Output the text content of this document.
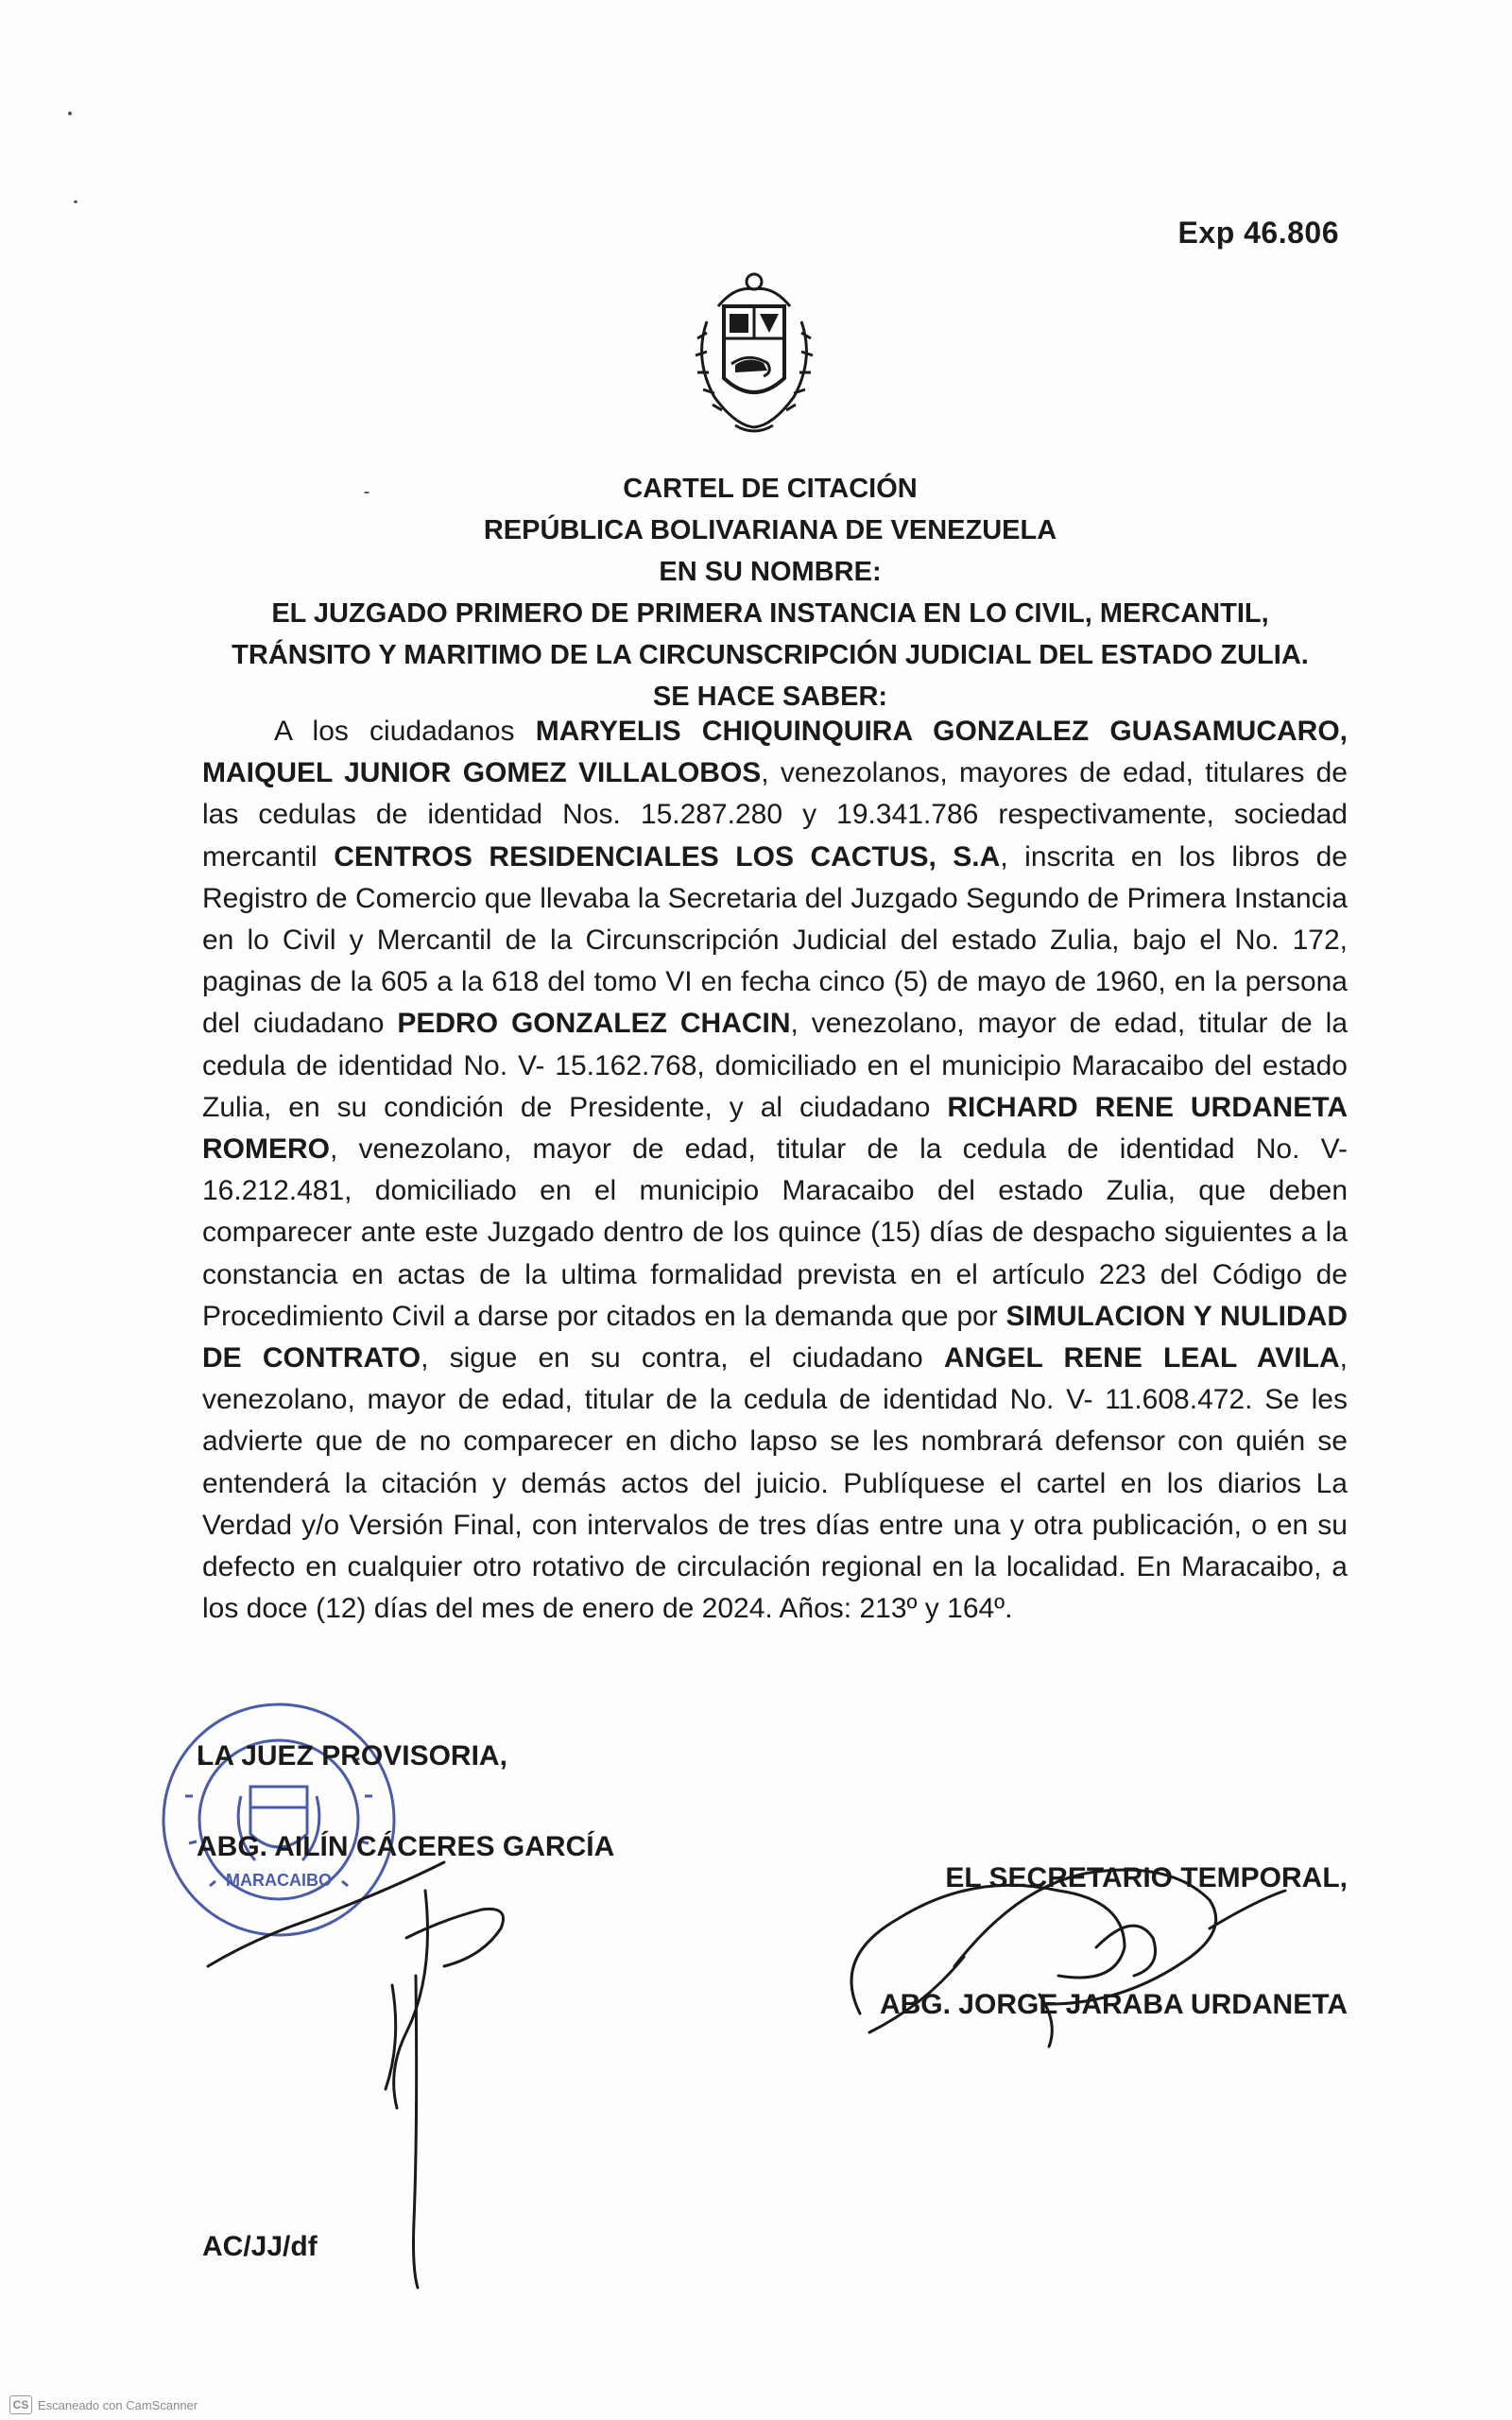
Exp 46.806
CARTEL DE CITACIÓN
REPÚBLICA BOLIVARIANA DE VENEZUELA
EN SU NOMBRE:
EL JUZGADO PRIMERO DE PRIMERA INSTANCIA EN LO CIVIL, MERCANTIL,
TRÁNSITO Y MARITIMO DE LA CIRCUNSCRIPCIÓN JUDICIAL DEL ESTADO ZULIA.
SE HACE SABER:
A los ciudadanos MARYELIS CHIQUINQUIRA GONZALEZ GUASAMUCARO, MAIQUEL JUNIOR GOMEZ VILLALOBOS, venezolanos, mayores de edad, titulares de las cedulas de identidad Nos. 15.287.280 y 19.341.786 respectivamente, sociedad mercantil CENTROS RESIDENCIALES LOS CACTUS, S.A, inscrita en los libros de Registro de Comercio que llevaba la Secretaria del Juzgado Segundo de Primera Instancia en lo Civil y Mercantil de la Circunscripción Judicial del estado Zulia, bajo el No. 172, paginas de la 605 a la 618 del tomo VI en fecha cinco (5) de mayo de 1960, en la persona del ciudadano PEDRO GONZALEZ CHACIN, venezolano, mayor de edad, titular de la cedula de identidad No. V- 15.162.768, domiciliado en el municipio Maracaibo del estado Zulia, en su condición de Presidente, y al ciudadano RICHARD RENE URDANETA ROMERO, venezolano, mayor de edad, titular de la cedula de identidad No. V- 16.212.481, domiciliado en el municipio Maracaibo del estado Zulia, que deben comparecer ante este Juzgado dentro de los quince (15) días de despacho siguientes a la constancia en actas de la ultima formalidad prevista en el artículo 223 del Código de Procedimiento Civil a darse por citados en la demanda que por SIMULACION Y NULIDAD DE CONTRATO, sigue en su contra, el ciudadano ANGEL RENE LEAL AVILA, venezolano, mayor de edad, titular de la cedula de identidad No. V- 11.608.472. Se les advierte que de no comparecer en dicho lapso se les nombrará defensor con quién se entenderá la citación y demás actos del juicio. Publíquese el cartel en los diarios La Verdad y/o Versión Final, con intervalos de tres días entre una y otra publicación, o en su defecto en cualquier otro rotativo de circulación regional en la localidad. En Maracaibo, a los doce (12) días del mes de enero de 2024. Años: 213º y 164º.
MARACAIBO
LA JUEZ PROVISORIA,
ABG. AILÍN CÁCERES GARCÍA
EL SECRETARIO TEMPORAL,
ABG. JORGE JARABA URDANETA
AC/JJ/df
CS Escaneado con CamScanner
